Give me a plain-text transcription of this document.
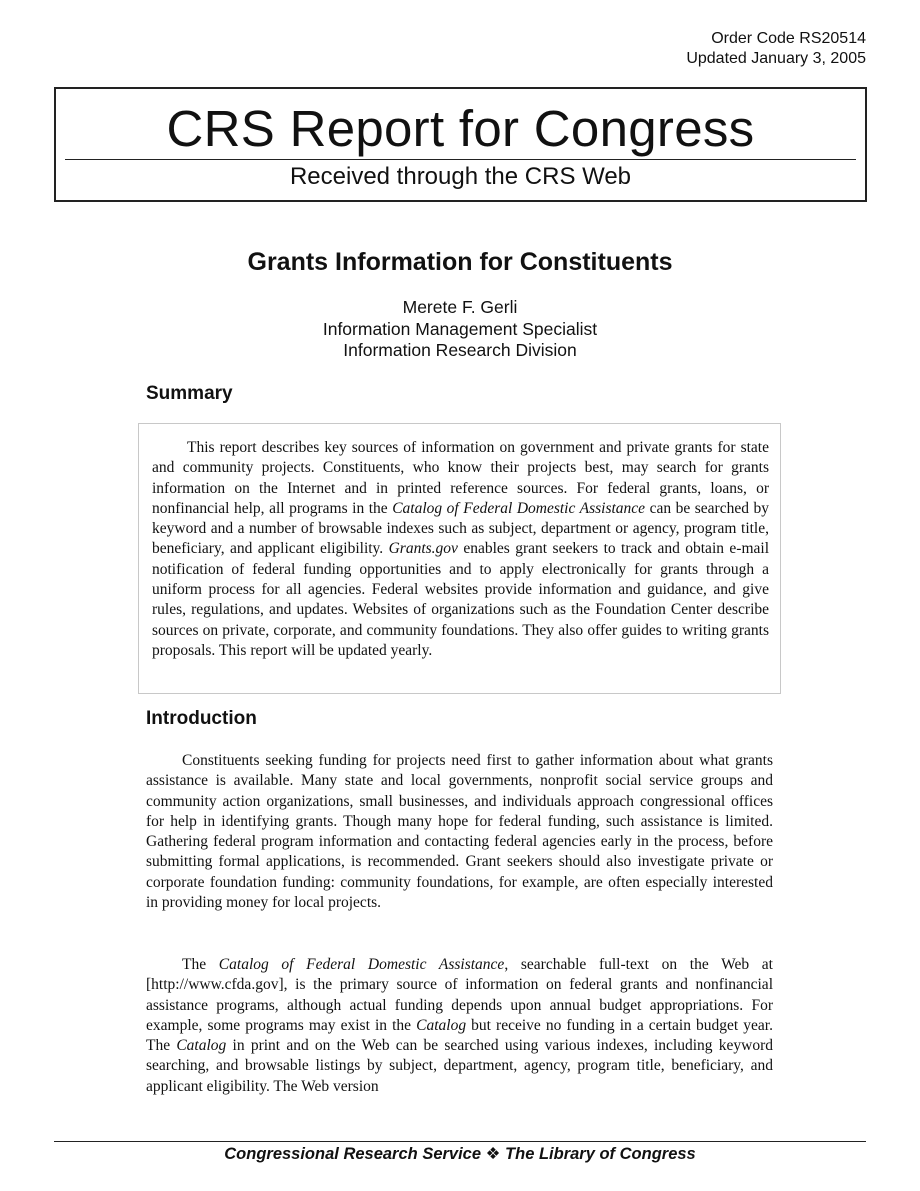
Order Code RS20514
Updated January 3, 2005
CRS Report for Congress
Received through the CRS Web
Grants Information for Constituents
Merete F. Gerli
Information Management Specialist
Information Research Division
Summary
This report describes key sources of information on government and private grants for state and community projects. Constituents, who know their projects best, may search for grants information on the Internet and in printed reference sources. For federal grants, loans, or nonfinancial help, all programs in the Catalog of Federal Domestic Assistance can be searched by keyword and a number of browsable indexes such as subject, department or agency, program title, beneficiary, and applicant eligibility. Grants.gov enables grant seekers to track and obtain e-mail notification of federal funding opportunities and to apply electronically for grants through a uniform process for all agencies. Federal websites provide information and guidance, and give rules, regulations, and updates. Websites of organizations such as the Foundation Center describe sources on private, corporate, and community foundations. They also offer guides to writing grants proposals. This report will be updated yearly.
Introduction
Constituents seeking funding for projects need first to gather information about what grants assistance is available. Many state and local governments, nonprofit social service groups and community action organizations, small businesses, and individuals approach congressional offices for help in identifying grants. Though many hope for federal funding, such assistance is limited. Gathering federal program information and contacting federal agencies early in the process, before submitting formal applications, is recommended. Grant seekers should also investigate private or corporate foundation funding: community foundations, for example, are often especially interested in providing money for local projects.
The Catalog of Federal Domestic Assistance, searchable full-text on the Web at [http://www.cfda.gov], is the primary source of information on federal grants and nonfinancial assistance programs, although actual funding depends upon annual budget appropriations. For example, some programs may exist in the Catalog but receive no funding in a certain budget year. The Catalog in print and on the Web can be searched using various indexes, including keyword searching, and browsable listings by subject, department, agency, program title, beneficiary, and applicant eligibility. The Web version
Congressional Research Service ❖ The Library of Congress
